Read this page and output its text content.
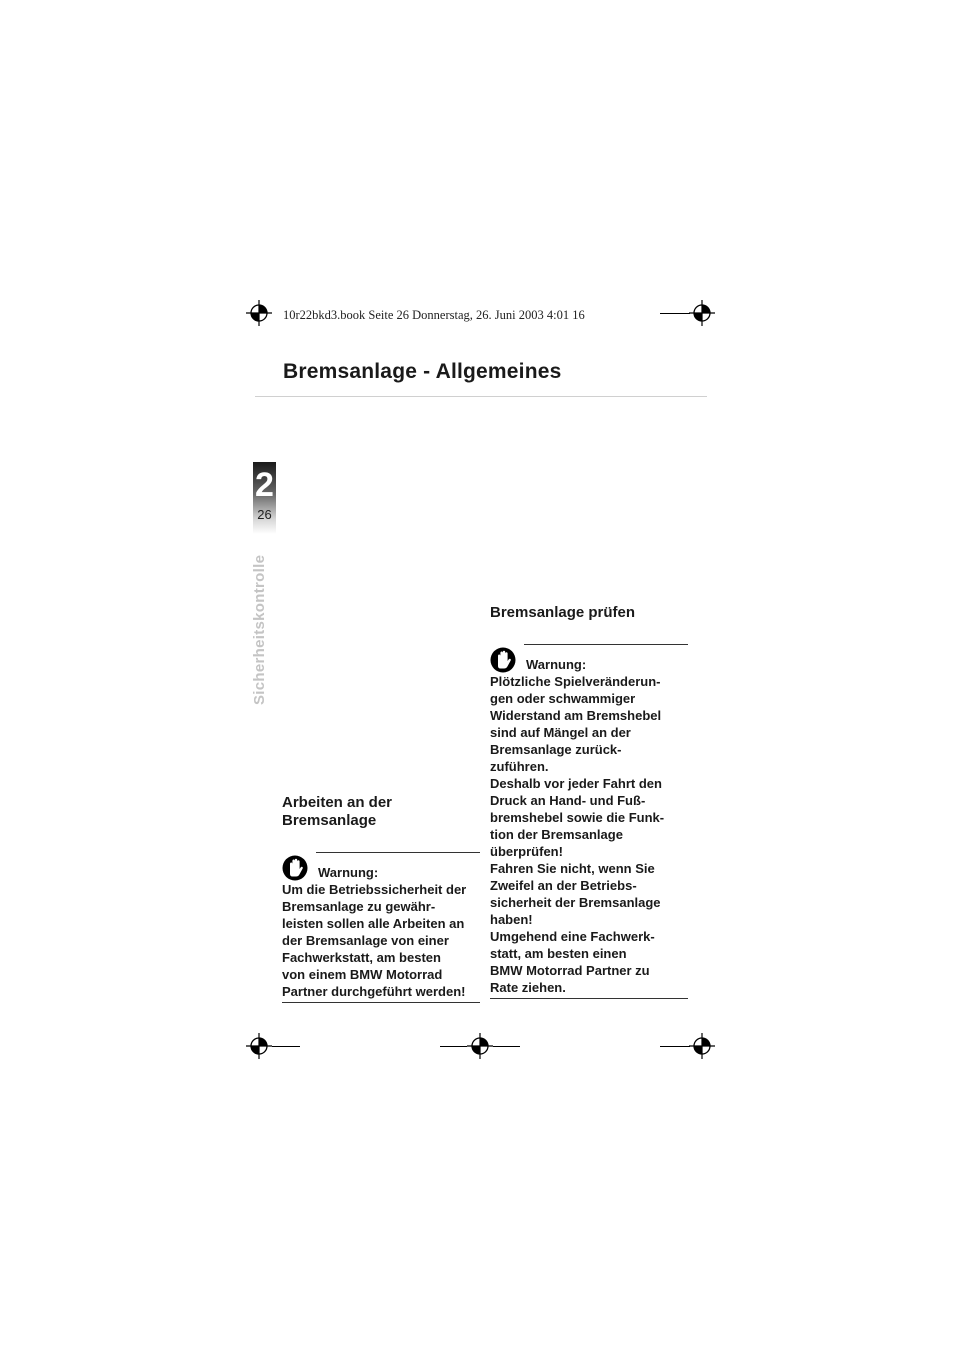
10r22bkd3.book Seite 26 Donnerstag, 26. Juni 2003 4:01 16
Bremsanlage - Allgemeines
2
26
Sicherheitskontrolle
Arbeiten an der
Bremsanlage
Warnung:

Um die Betriebssicherheit der
Bremsanlage zu gewähr-
leisten sollen alle Arbeiten an
der Bremsanlage von einer
Fachwerkstatt, am besten
von einem BMW Motorrad
Partner durchgeführt werden!

Bremsanlage prüfen
Warnung:

Plötzliche Spielveränderun-
gen oder schwammiger
Widerstand am Bremshebel
sind auf Mängel an der
Bremsanlage zurück-
zuführen.
Deshalb vor jeder Fahrt den
Druck an Hand- und Fuß-
bremshebel sowie die Funk-
tion der Bremsanlage
überprüfen!
Fahren Sie nicht, wenn Sie
Zweifel an der Betriebs-
sicherheit der Bremsanlage
haben!
Umgehend eine Fachwerk-
statt, am besten einen
BMW Motorrad Partner zu
Rate ziehen.
